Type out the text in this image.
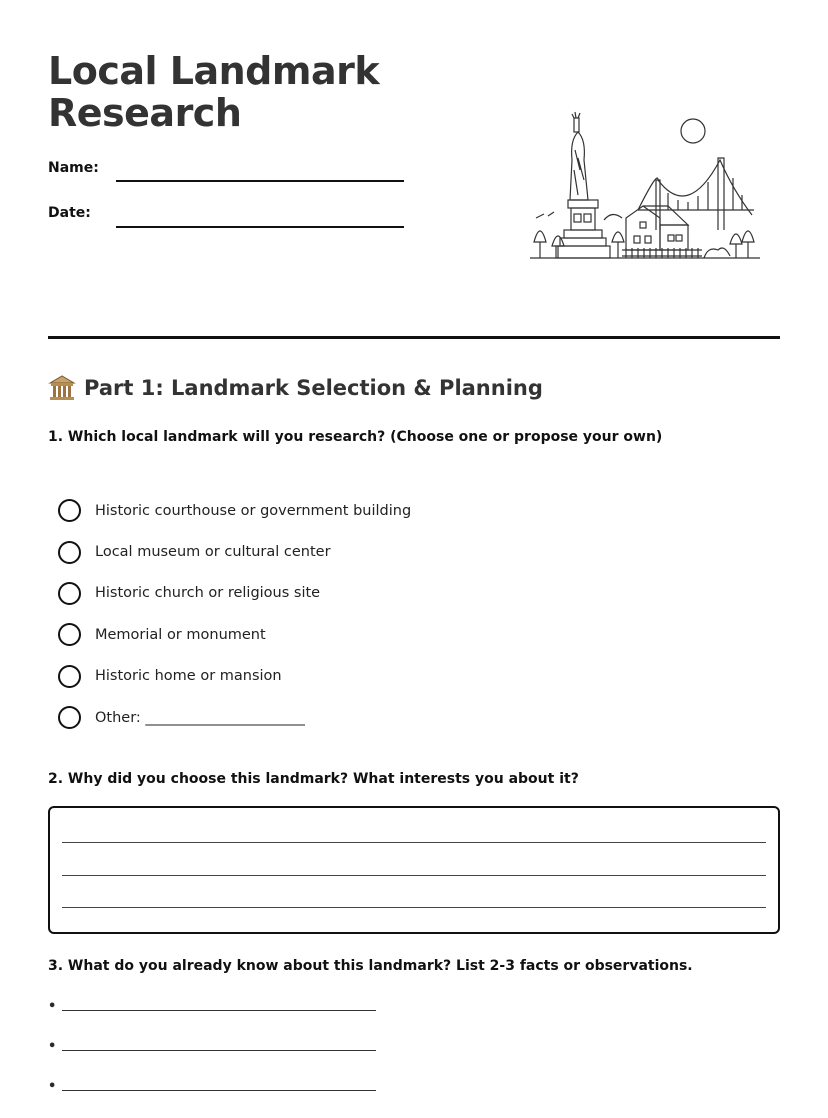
Local Landmark
Research
Name:
Date:
Part 1: Landmark Selection & Planning
1. Which local landmark will you research? (Choose one or propose your own)
Historic courthouse or government building
Local museum or cultural center
Historic church or religious site
Memorial or monument
Historic home or mansion
Other: ______________________
2. Why did you choose this landmark? What interests you about it?
3. What do you already know about this landmark? List 2-3 facts or observations.
•
•
•
